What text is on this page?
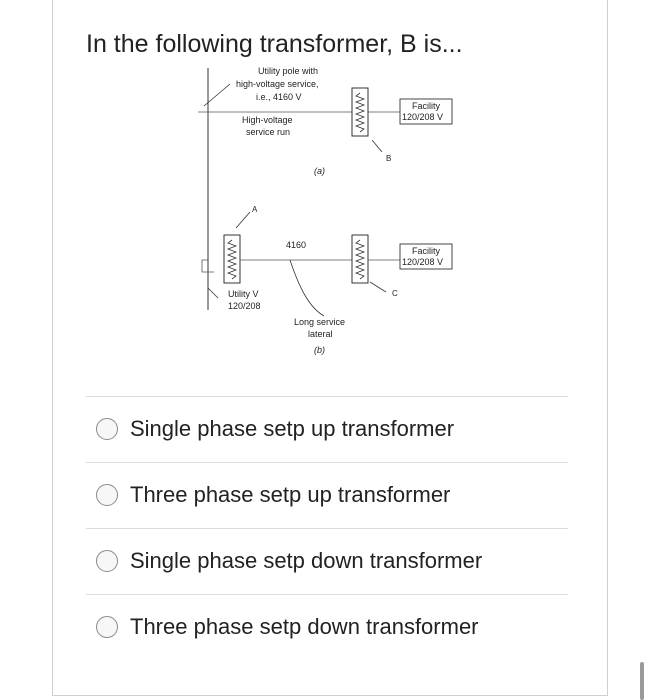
In the following transformer, B is...
Utility pole with
high-voltage service,
i.e., 4160 V
High-voltage
service run
Facility
120/208 V
B
(a)
A
4160
Facility
120/208 V
C
Utility V
120/208
Long service
lateral
(b)
Single phase setp up transformer
Three phase setp up transformer
Single phase setp down transformer
Three phase setp down transformer
